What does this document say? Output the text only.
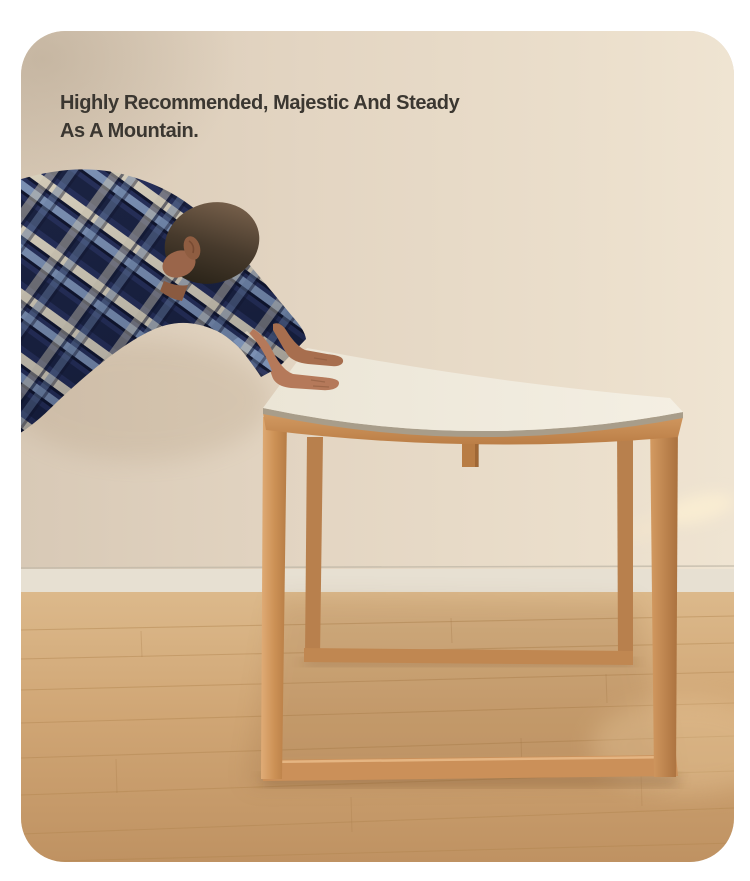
Highly Recommended, Majestic And Steady
As A Mountain.
